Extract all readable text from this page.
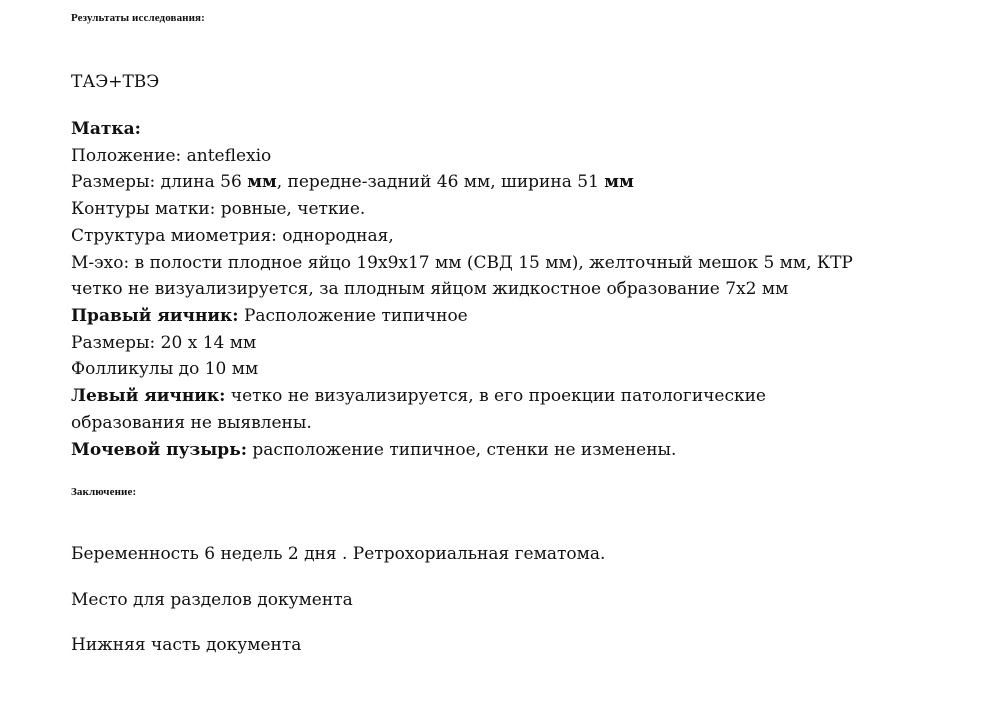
Результаты исследования:
ТАЭ+ТВЭ
Матка:
Положение: anteflexio
Размеры: длина 56 мм, передне-задний 46 мм, ширина 51 мм
Контуры матки: ровные, четкие.
Структура миометрия: однородная,
М-эхо: в полости плодное яйцо 19х9х17 мм (СВД 15 мм), желточный мешок 5 мм, КТР
четко не визуализируется, за плодным яйцом жидкостное образование 7х2 мм
Правый яичник: Расположение типичное
Размеры: 20 х 14 мм
Фолликулы до 10 мм
Левый яичник: четко не визуализируется, в его проекции патологические
образования не выявлены.
Мочевой пузырь: расположение типичное, стенки не изменены.
Заключение:
Беременность 6 недель 2 дня . Ретрохориальная гематома.
Место для разделов документа
Нижняя часть документа
